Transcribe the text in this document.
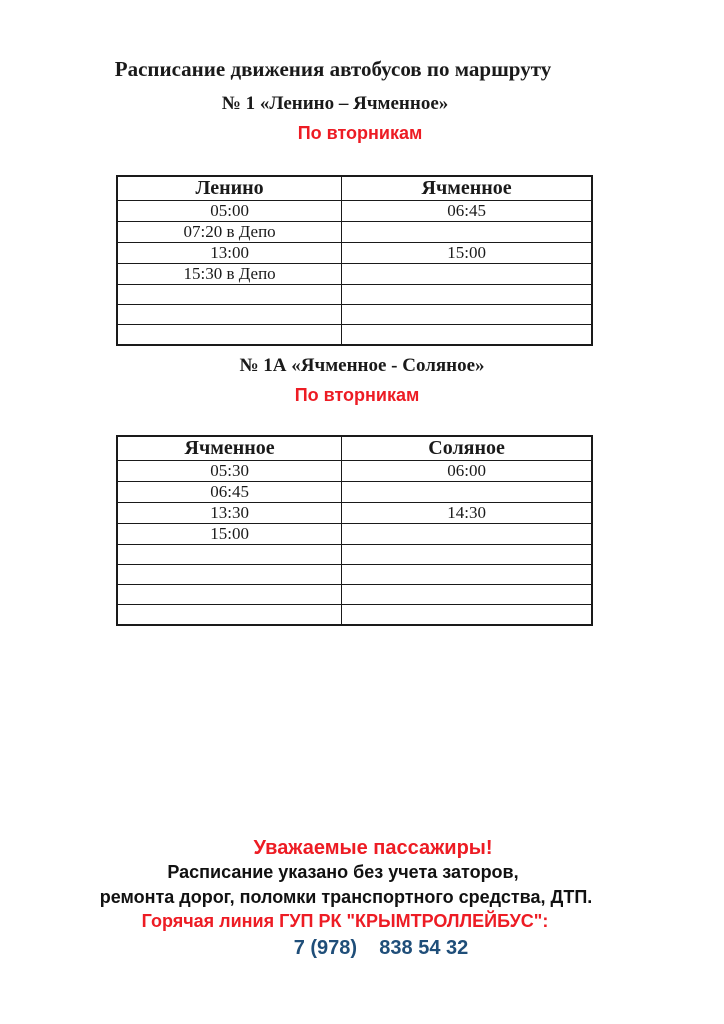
Расписание движения автобусов по маршруту
№ 1 «Ленино – Ячменное»
По вторникам
Ленино	Ячменное
05:00	06:45
07:20 в Депо	
13:00	15:00
15:30 в Депо	

№ 1А «Ячменное - Соляное»
По вторникам
Ячменное	Соляное
05:30	06:00
06:45	
13:30	14:30
15:00	

Уважаемые пассажиры!
Расписание указано без учета заторов,
ремонта дорог, поломки транспортного средства, ДТП.
Горячая линия ГУП РК "КРЫМТРОЛЛЕЙБУС":
7 (978)    838 54 32
